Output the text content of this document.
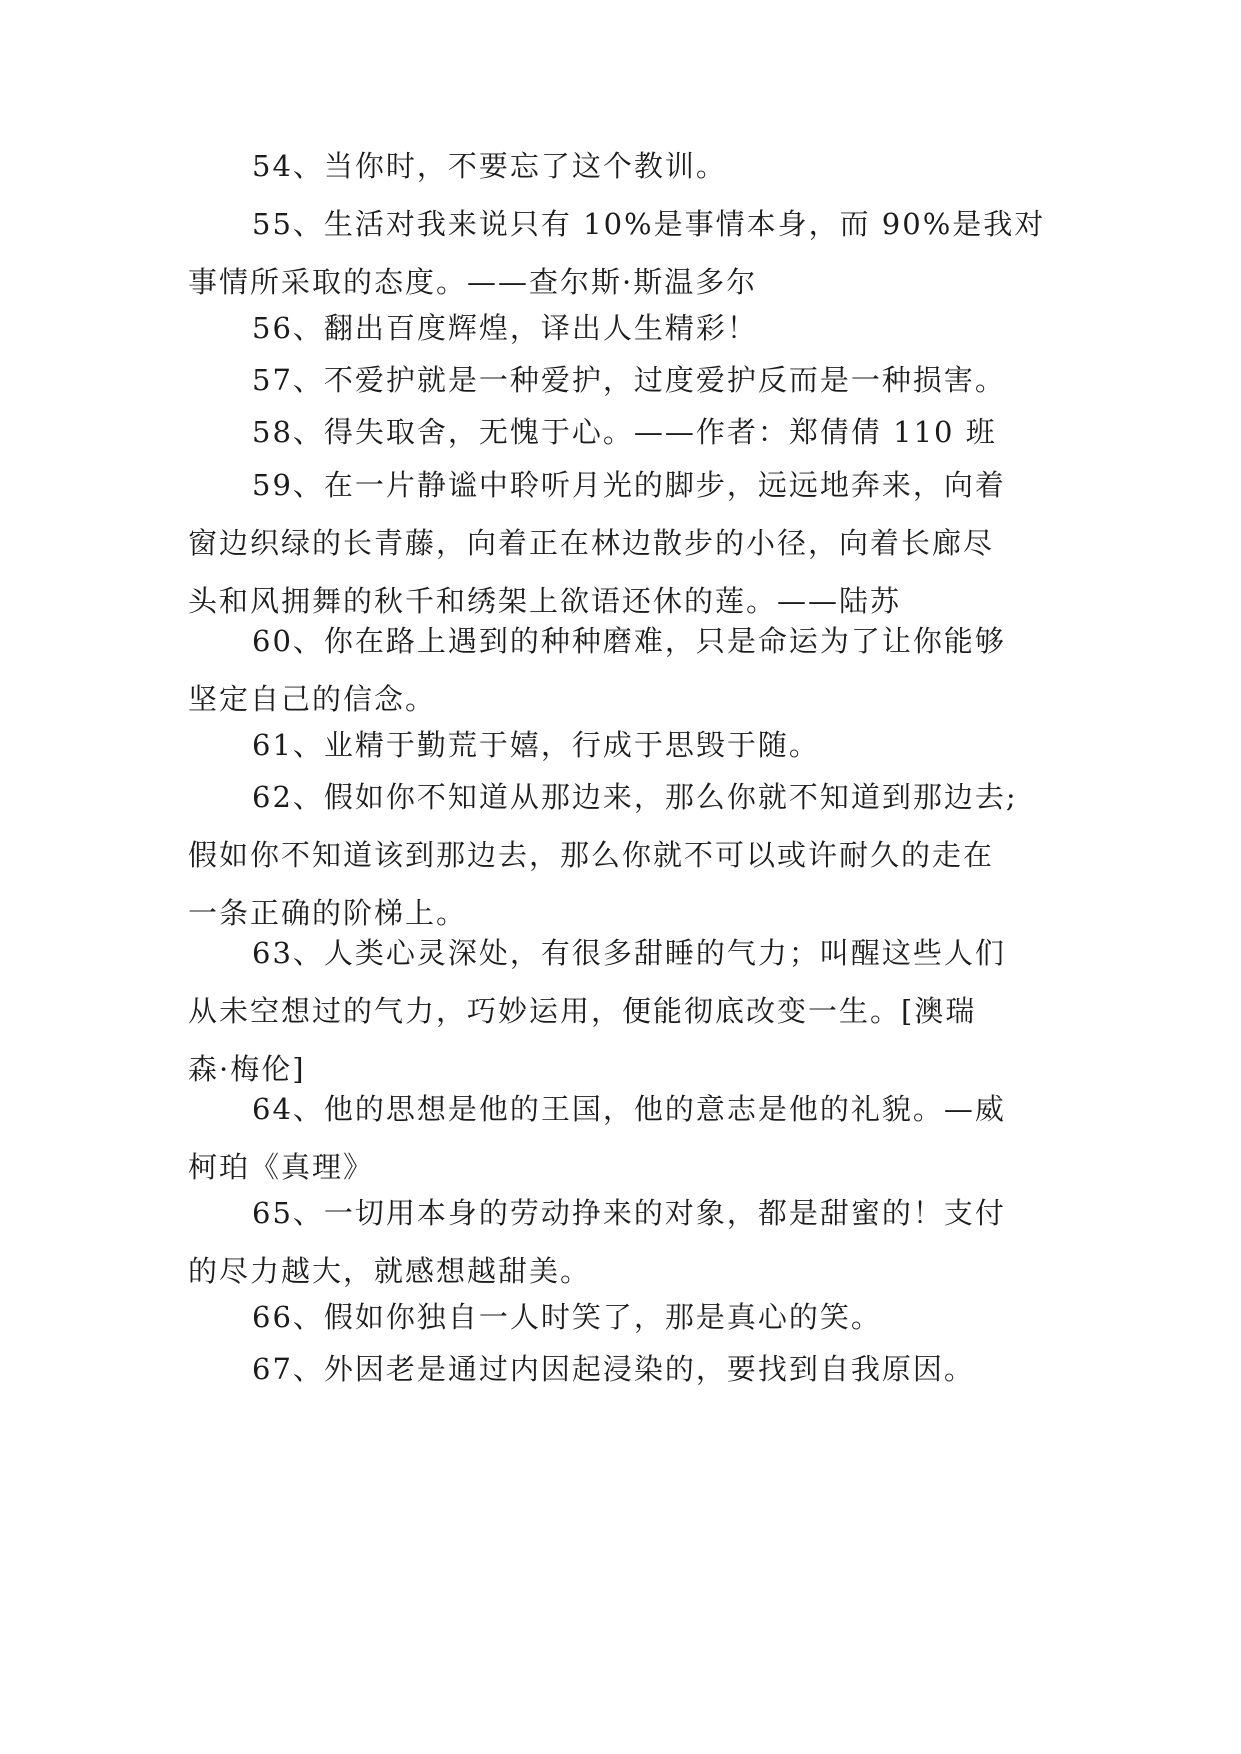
54、当你时，不要忘了这个教训。

55、生活对我来说只有 10%是事情本身，而 90%是我对
事情所采取的态度。——查尔斯·斯温多尔

56、翻出百度辉煌，译出人生精彩！

57、不爱护就是一种爱护，过度爱护反而是一种损害。

58、得失取舍，无愧于心。——作者：郑倩倩 110 班

59、在一片静谧中聆听月光的脚步，远远地奔来，向着
窗边织绿的长青藤，向着正在林边散步的小径，向着长廊尽
头和风拥舞的秋千和绣架上欲语还休的莲。——陆苏

60、你在路上遇到的种种磨难，只是命运为了让你能够
坚定自己的信念。

61、业精于勤荒于嬉，行成于思毁于随。

62、假如你不知道从那边来，那么你就不知道到那边去;
假如你不知道该到那边去，那么你就不可以或许耐久的走在
一条正确的阶梯上。

63、人类心灵深处，有很多甜睡的气力；叫醒这些人们
从未空想过的气力，巧妙运用，便能彻底改变一生。[澳瑞
森·梅伦]

64、他的思想是他的王国，他的意志是他的礼貌。—威
柯珀《真理》

65、一切用本身的劳动挣来的对象，都是甜蜜的！支付
的尽力越大，就感想越甜美。

66、假如你独自一人时笑了，那是真心的笑。

67、外因老是通过内因起浸染的，要找到自我原因。
